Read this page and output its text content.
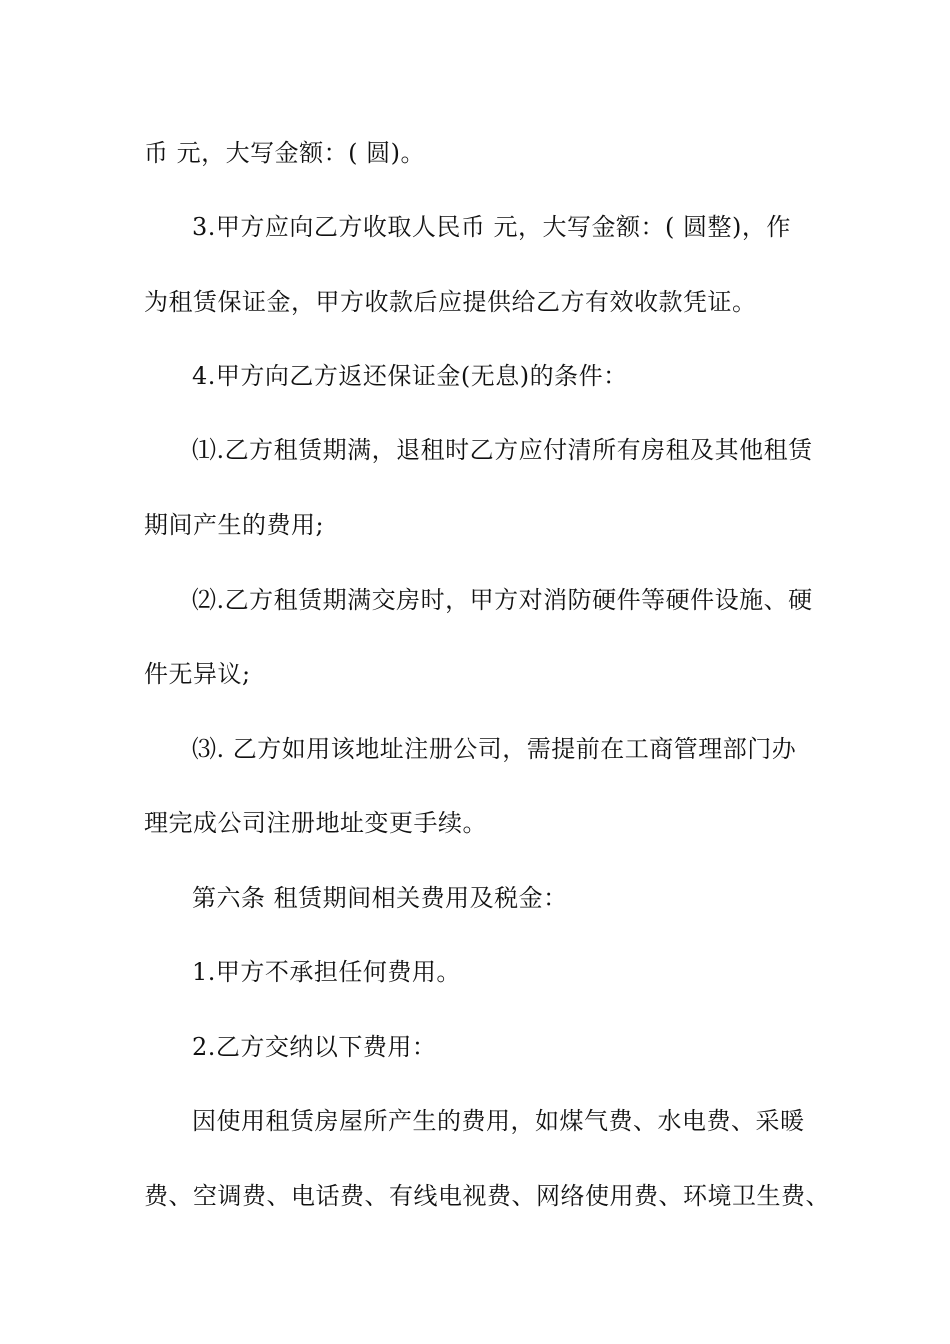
币 元，大写金额：( 圆)。
3.甲方应向乙方收取人民币 元，大写金额：( 圆整)，作
为租赁保证金，甲方收款后应提供给乙方有效收款凭证。
4.甲方向乙方返还保证金(无息)的条件：
⑴.乙方租赁期满，退租时乙方应付清所有房租及其他租赁
期间产生的费用;
⑵.乙方租赁期满交房时，甲方对消防硬件等硬件设施、硬
件无异议;
⑶. 乙方如用该地址注册公司，需提前在工商管理部门办
理完成公司注册地址变更手续。
第六条 租赁期间相关费用及税金：
1.甲方不承担任何费用。
2.乙方交纳以下费用：
因使用租赁房屋所产生的费用，如煤气费、水电费、采暖
费、空调费、电话费、有线电视费、网络使用费、环境卫生费、
